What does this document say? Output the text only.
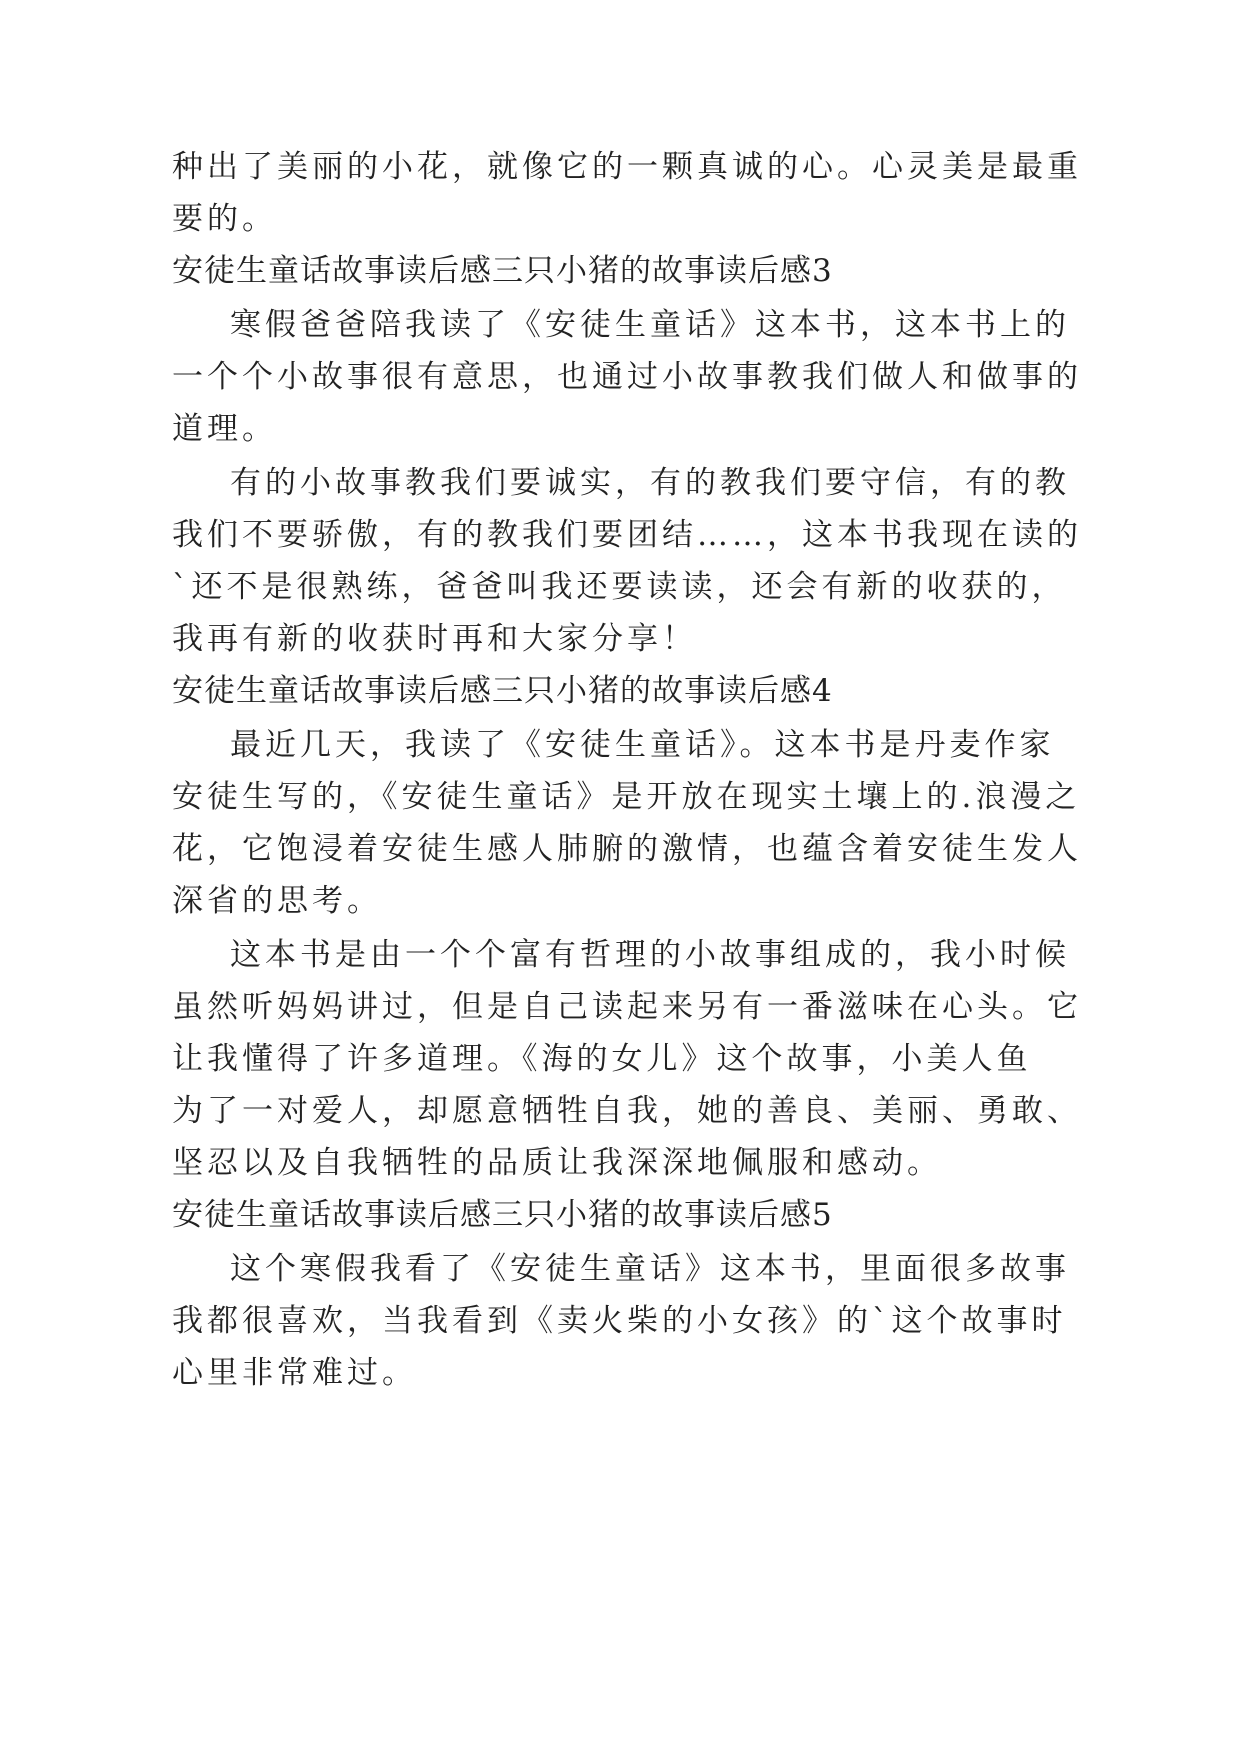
种出了美丽的小花，就像它的一颗真诚的心。心灵美是最重
要的。
安徒生童话故事读后感三只小猪的故事读后感3
寒假爸爸陪我读了《安徒生童话》这本书，这本书上的
一个个小故事很有意思，也通过小故事教我们做人和做事的
道理。
有的小故事教我们要诚实，有的教我们要守信，有的教
我们不要骄傲，有的教我们要团结……，这本书我现在读的
`还不是很熟练，爸爸叫我还要读读，还会有新的收获的，
我再有新的收获时再和大家分享！
安徒生童话故事读后感三只小猪的故事读后感4
最近几天，我读了《安徒生童话》。这本书是丹麦作家
安徒生写的，《安徒生童话》是开放在现实土壤上的.浪漫之
花，它饱浸着安徒生感人肺腑的激情，也蕴含着安徒生发人
深省的思考。
这本书是由一个个富有哲理的小故事组成的，我小时候
虽然听妈妈讲过，但是自己读起来另有一番滋味在心头。它
让我懂得了许多道理。《海的女儿》这个故事，小美人鱼
为了一对爱人，却愿意牺牲自我，她的善良、美丽、勇敢、
坚忍以及自我牺牲的品质让我深深地佩服和感动。
安徒生童话故事读后感三只小猪的故事读后感5
这个寒假我看了《安徒生童话》这本书，里面很多故事
我都很喜欢，当我看到《卖火柴的小女孩》的`这个故事时
心里非常难过。
